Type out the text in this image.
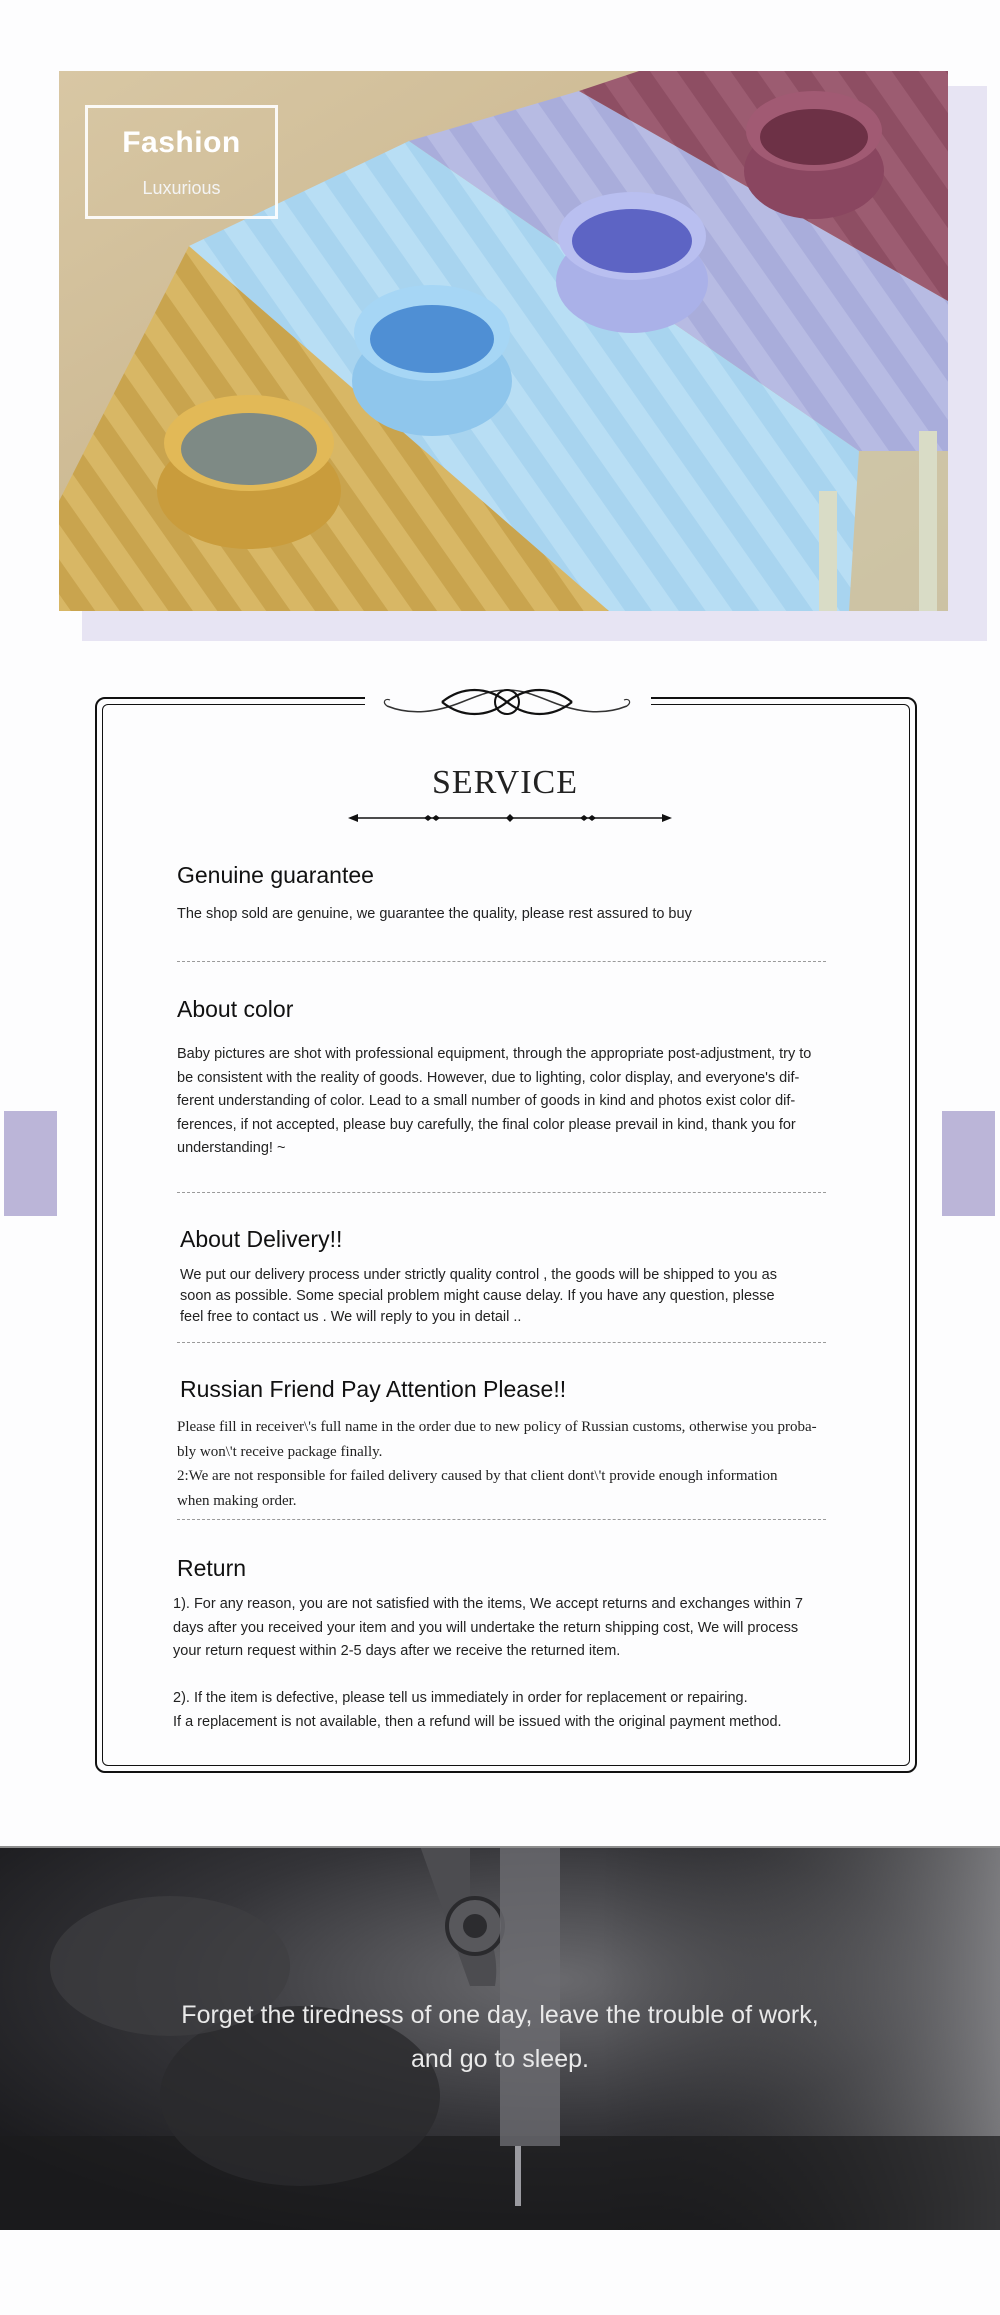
Fashion
Luxurious
SERVICE
Genuine guarantee
The shop sold are genuine, we guarantee the quality, please rest assured to buy
About color
Baby pictures are shot with professional equipment, through the appropriate post-adjustment, try to
be consistent with the reality of goods. However, due to lighting, color display, and everyone's dif-
ferent understanding of color. Lead to a small number of goods in kind and photos exist color dif-
ferences, if not accepted, please buy carefully, the final color please prevail in kind, thank you for
understanding! ~
About Delivery!!
We put our delivery process under strictly quality control , the goods will be shipped to you as
soon as possible. Some special problem might cause delay. If you have any question, plesse
feel free to contact us . We will reply to you in detail ..
Russian Friend Pay Attention Please!!
Please fill in receiver\'s full name in the order due to new policy of Russian customs, otherwise you proba-
bly won\'t receive package finally.
2:We are not responsible for failed delivery caused by that client dont\'t provide enough information
when making order.
Return
1). For any reason, you are not satisfied with the items, We accept returns and exchanges within 7
days after you received your item and you will undertake the return shipping cost, We will process
your return request within 2-5 days after we receive the returned item.
2). If the item is defective, please tell us immediately in order for replacement or repairing.
If a replacement is not available, then a refund will be issued with the original payment method.
Forget the tiredness of one day, leave the trouble of work,
and go to sleep.
